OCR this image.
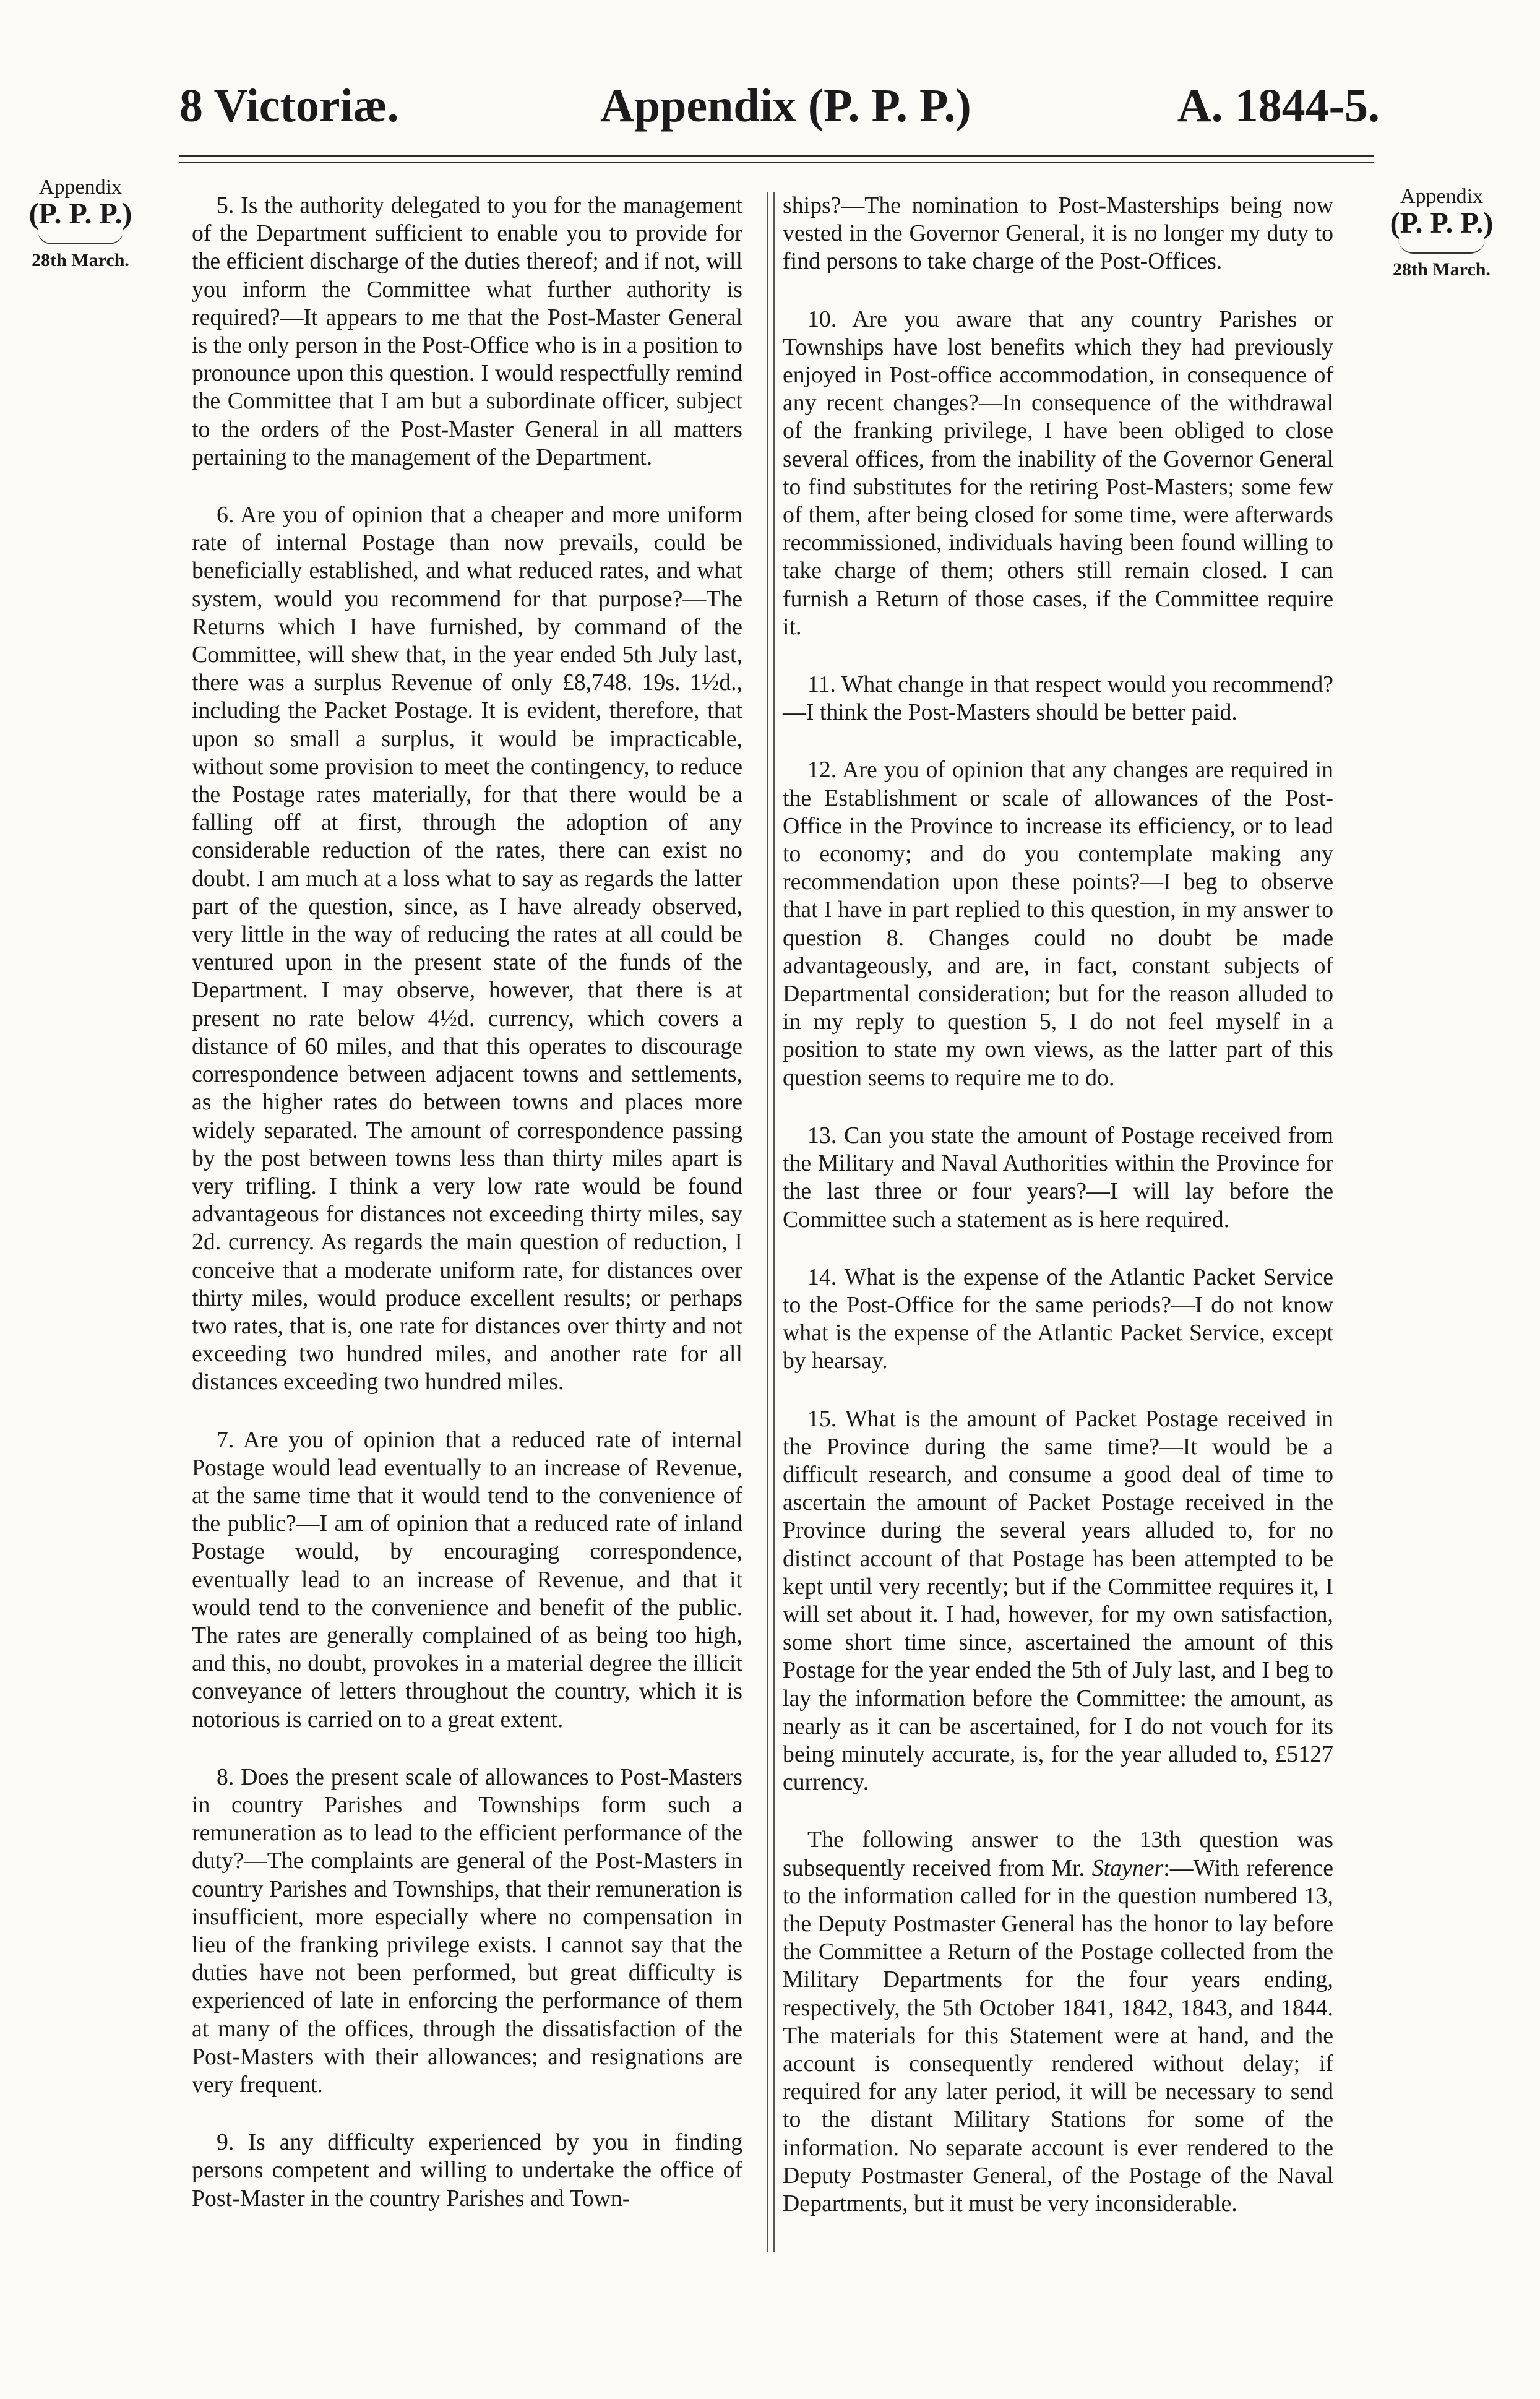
8 Victoriæ.	Appendix (P. P. P.)	A. 1844-5.
Appendix
(P. P. P.)
28th March.
Appendix
(P. P. P.)
28th March.

5. Is the authority delegated to you for the management of the Department sufficient to enable you to provide for the efficient discharge of the duties thereof; and if not, will you inform the Committee what further authority is required?—It appears to me that the Post-Master General is the only person in the Post-Office who is in a position to pronounce upon this question. I would respectfully remind the Committee that I am but a subordinate officer, subject to the orders of the Post-Master General in all matters pertaining to the management of the Department.

6. Are you of opinion that a cheaper and more uniform rate of internal Postage than now prevails, could be beneficially established, and what reduced rates, and what system, would you recommend for that purpose?—The Returns which I have furnished, by command of the Committee, will shew that, in the year ended 5th July last, there was a surplus Revenue of only £8,748. 19s. 1½d., including the Packet Postage. It is evident, therefore, that upon so small a surplus, it would be impracticable, without some provision to meet the contingency, to reduce the Postage rates materially, for that there would be a falling off at first, through the adoption of any considerable reduction of the rates, there can exist no doubt. I am much at a loss what to say as regards the latter part of the question, since, as I have already observed, very little in the way of reducing the rates at all could be ventured upon in the present state of the funds of the Department. I may observe, however, that there is at present no rate below 4½d. currency, which covers a distance of 60 miles, and that this operates to discourage correspondence between adjacent towns and settlements, as the higher rates do between towns and places more widely separated. The amount of correspondence passing by the post between towns less than thirty miles apart is very trifling. I think a very low rate would be found advantageous for distances not exceeding thirty miles, say 2d. currency. As regards the main question of reduction, I conceive that a moderate uniform rate, for distances over thirty miles, would produce excellent results; or perhaps two rates, that is, one rate for distances over thirty and not exceeding two hundred miles, and another rate for all distances exceeding two hundred miles.

7. Are you of opinion that a reduced rate of internal Postage would lead eventually to an increase of Revenue, at the same time that it would tend to the convenience of the public?—I am of opinion that a reduced rate of inland Postage would, by encouraging correspondence, eventually lead to an increase of Revenue, and that it would tend to the convenience and benefit of the public. The rates are generally complained of as being too high, and this, no doubt, provokes in a material degree the illicit conveyance of letters throughout the country, which it is notorious is carried on to a great extent.

8. Does the present scale of allowances to Post-Masters in country Parishes and Townships form such a remuneration as to lead to the efficient performance of the duty?—The complaints are general of the Post-Masters in country Parishes and Townships, that their remuneration is insufficient, more especially where no compensation in lieu of the franking privilege exists. I cannot say that the duties have not been performed, but great difficulty is experienced of late in enforcing the performance of them at many of the offices, through the dissatisfaction of the Post-Masters with their allowances; and resignations are very frequent.

9. Is any difficulty experienced by you in finding persons competent and willing to undertake the office of Post-Master in the country Parishes and Town-

ships?—The nomination to Post-Masterships being now vested in the Governor General, it is no longer my duty to find persons to take charge of the Post-Offices.

10. Are you aware that any country Parishes or Townships have lost benefits which they had previously enjoyed in Post-office accommodation, in consequence of any recent changes?—In consequence of the withdrawal of the franking privilege, I have been obliged to close several offices, from the inability of the Governor General to find substitutes for the retiring Post-Masters; some few of them, after being closed for some time, were afterwards recommissioned, individuals having been found willing to take charge of them; others still remain closed. I can furnish a Return of those cases, if the Committee require it.

11. What change in that respect would you recommend?—I think the Post-Masters should be better paid.

12. Are you of opinion that any changes are required in the Establishment or scale of allowances of the Post-Office in the Province to increase its efficiency, or to lead to economy; and do you contemplate making any recommendation upon these points?—I beg to observe that I have in part replied to this question, in my answer to question 8. Changes could no doubt be made advantageously, and are, in fact, constant subjects of Departmental consideration; but for the reason alluded to in my reply to question 5, I do not feel myself in a position to state my own views, as the latter part of this question seems to require me to do.

13. Can you state the amount of Postage received from the Military and Naval Authorities within the Province for the last three or four years?—I will lay before the Committee such a statement as is here required.

14. What is the expense of the Atlantic Packet Service to the Post-Office for the same periods?—I do not know what is the expense of the Atlantic Packet Service, except by hearsay.

15. What is the amount of Packet Postage received in the Province during the same time?—It would be a difficult research, and consume a good deal of time to ascertain the amount of Packet Postage received in the Province during the several years alluded to, for no distinct account of that Postage has been attempted to be kept until very recently; but if the Committee requires it, I will set about it. I had, however, for my own satisfaction, some short time since, ascertained the amount of this Postage for the year ended the 5th of July last, and I beg to lay the information before the Committee: the amount, as nearly as it can be ascertained, for I do not vouch for its being minutely accurate, is, for the year alluded to, £5127 currency.

The following answer to the 13th question was subsequently received from Mr. Stayner:—With reference to the information called for in the question numbered 13, the Deputy Postmaster General has the honor to lay before the Committee a Return of the Postage collected from the Military Departments for the four years ending, respectively, the 5th October 1841, 1842, 1843, and 1844. The materials for this Statement were at hand, and the account is consequently rendered without delay; if required for any later period, it will be necessary to send to the distant Military Stations for some of the information. No separate account is ever rendered to the Deputy Postmaster General, of the Postage of the Naval Departments, but it must be very inconsiderable.
